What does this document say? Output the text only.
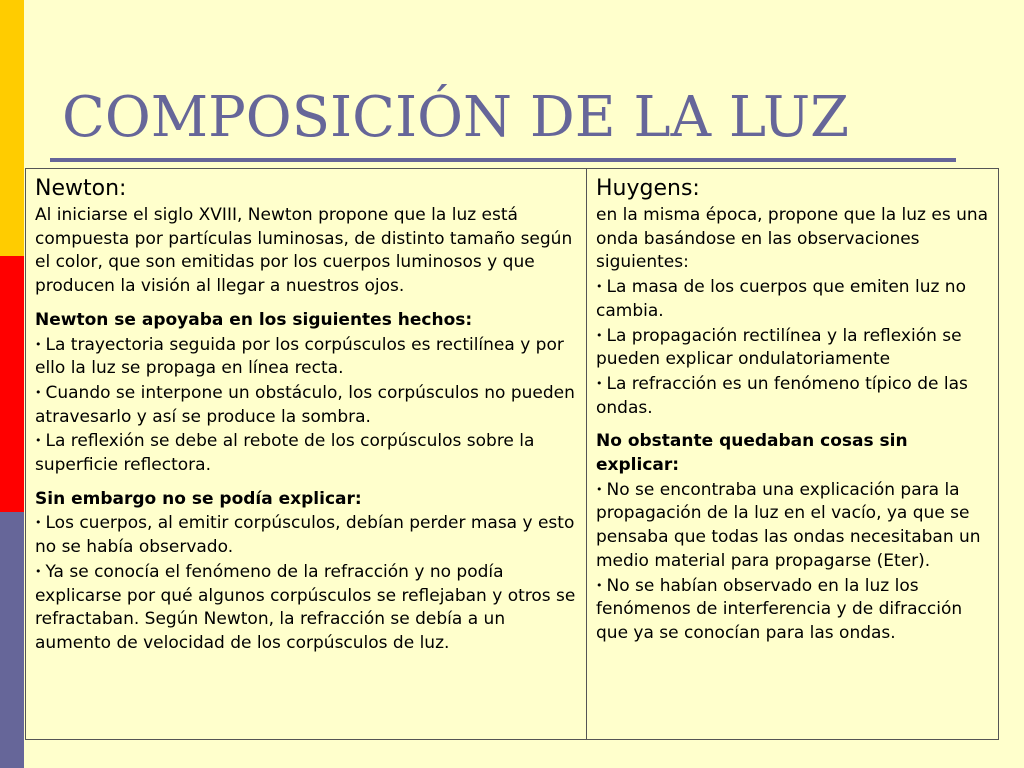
COMPOSICIÓN DE LA LUZ

Newton:

Al iniciarse el siglo XVIII, Newton propone que la luz está compuesta por partículas luminosas, de distinto tamaño según el color, que son emitidas por los cuerpos luminosos y que producen la visión al llegar a nuestros ojos.

Newton se apoyaba en los siguientes hechos:

• La trayectoria seguida por los corpúsculos es rectilínea y por ello la luz se propaga en línea recta.

• Cuando se interpone un obstáculo, los corpúsculos no pueden atravesarlo y así se produce la sombra.

• La reflexión se debe al rebote de los corpúsculos sobre la superficie reflectora.

Sin embargo no se podía explicar:

• Los cuerpos, al emitir corpúsculos, debían perder masa y esto no se había observado.

• Ya se conocía el fenómeno de la refracción y no podía explicarse por qué algunos corpúsculos se reflejaban y otros se refractaban. Según Newton, la refracción se debía a un aumento de velocidad de los corpúsculos de luz.

Huygens:

en la misma época, propone que la luz es una onda basándose en las observaciones siguientes:

• La masa de los cuerpos que emiten luz no cambia.

• La propagación rectilínea y la reflexión se pueden explicar ondulatoriamente

• La refracción es un fenómeno típico de las ondas.

No obstante quedaban cosas sin explicar:

• No se encontraba una explicación para la propagación de la luz en el vacío, ya que se pensaba que todas las ondas necesitaban un medio material para propagarse (Eter).

• No se habían observado en la luz los fenómenos de interferencia y de difracción que ya se conocían para las ondas.
